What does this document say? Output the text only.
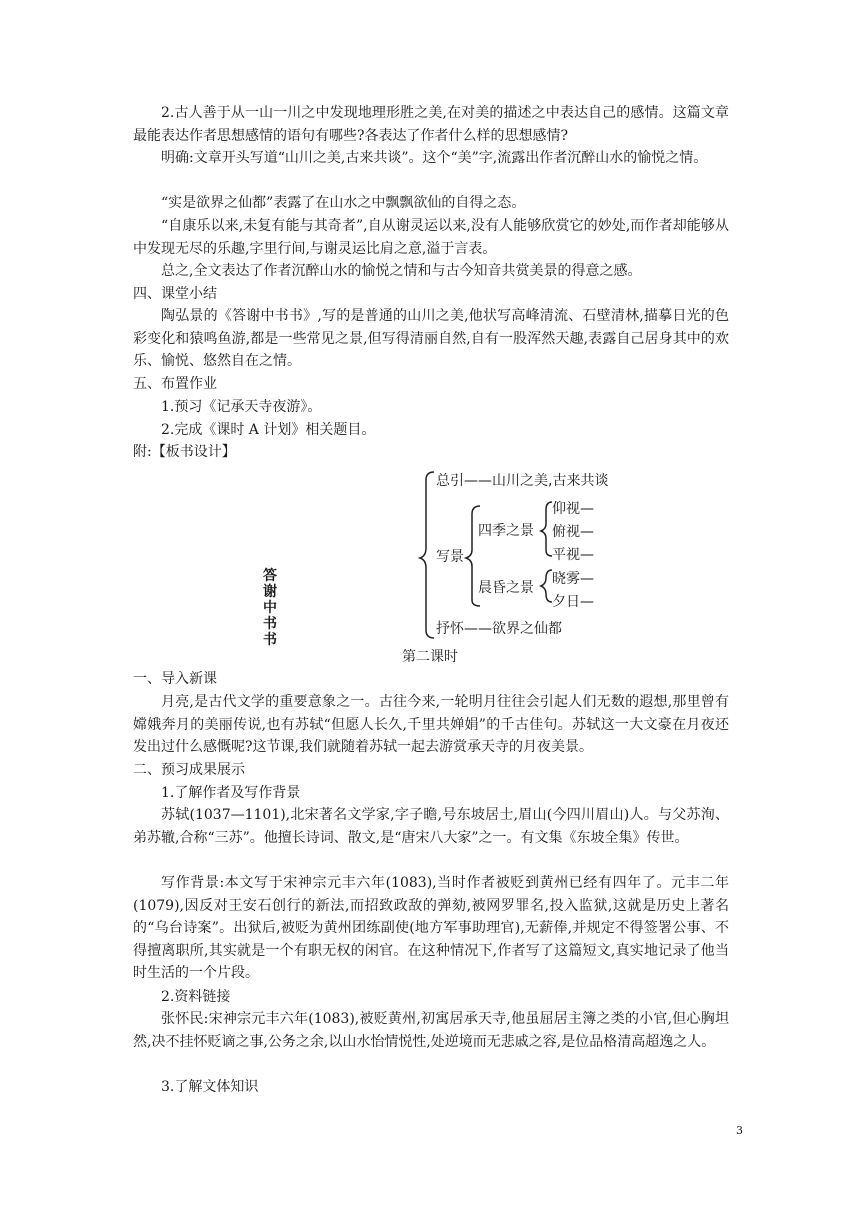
2.古人善于从一山一川之中发现地理形胜之美,在对美的描述之中表达自己的感情。这篇文章最能表达作者思想感情的语句有哪些?各表达了作者什么样的思想感情?

明确:文章开头写道“山川之美,古来共谈”。这个“美”字,流露出作者沉醉山水的愉悦之情。

“实是欲界之仙都”表露了在山水之中飘飘欲仙的自得之态。

“自康乐以来,未复有能与其奇者”,自从谢灵运以来,没有人能够欣赏它的妙处,而作者却能够从中发现无尽的乐趣,字里行间,与谢灵运比肩之意,溢于言表。

总之,全文表达了作者沉醉山水的愉悦之情和与古今知音共赏美景的得意之感。

四、课堂小结

陶弘景的《答谢中书书》,写的是普通的山川之美,他状写高峰清流、石壁清林,描摹日光的色彩变化和猿鸣鱼游,都是一些常见之景,但写得清丽自然,自有一股浑然天趣,表露自己居身其中的欢乐、愉悦、悠然自在之情。

五、布置作业

1.预习《记承天寺夜游》。

2.完成《课时 A 计划》相关题目。

附:【板书设计】

答
谢
中
书
书
总引——山川之美,古来共谈
写景
四季之景
仰视—
俯视—
平视—
晨昏之景
晓雾—
夕日—
抒怀——欲界之仙都
第二课时

一、导入新课

月亮,是古代文学的重要意象之一。古往今来,一轮明月往往会引起人们无数的遐想,那里曾有嫦娥奔月的美丽传说,也有苏轼“但愿人长久,千里共婵娟”的千古佳句。苏轼这一大文豪在月夜还发出过什么感慨呢?这节课,我们就随着苏轼一起去游赏承天寺的月夜美景。

二、预习成果展示

1.了解作者及写作背景

苏轼(1037—1101),北宋著名文学家,字子瞻,号东坡居士,眉山(今四川眉山)人。与父苏洵、弟苏辙,合称“三苏”。他擅长诗词、散文,是“唐宋八大家”之一。有文集《东坡全集》传世。

写作背景:本文写于宋神宗元丰六年(1083),当时作者被贬到黄州已经有四年了。元丰二年(1079),因反对王安石创行的新法,而招致政敌的弹劾,被网罗罪名,投入监狱,这就是历史上著名的“乌台诗案”。出狱后,被贬为黄州团练副使(地方军事助理官),无薪俸,并规定不得签署公事、不得擅离职所,其实就是一个有职无权的闲官。在这种情况下,作者写了这篇短文,真实地记录了他当时生活的一个片段。

2.资料链接

张怀民:宋神宗元丰六年(1083),被贬黄州,初寓居承天寺,他虽屈居主簿之类的小官,但心胸坦然,决不挂怀贬谪之事,公务之余,以山水怡情悦性,处逆境而无悲戚之容,是位品格清高超逸之人。

3.了解文体知识

3
